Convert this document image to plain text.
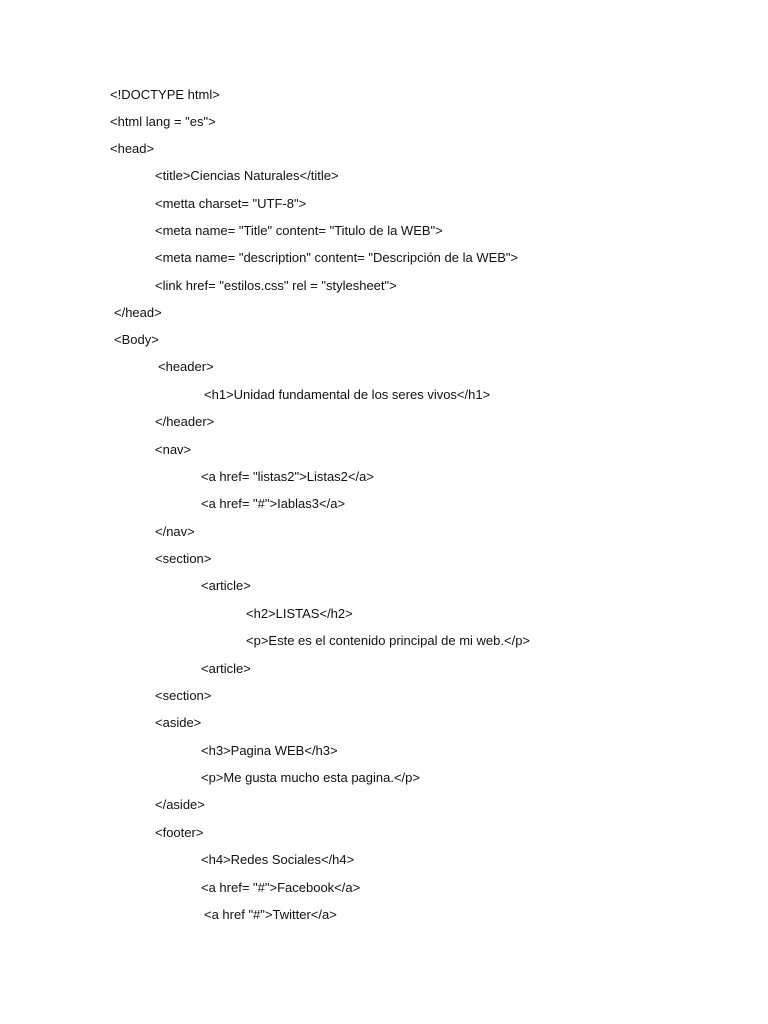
<!DOCTYPE html>
<html lang = "es">
<head>
<title>Ciencias Naturales</title>
<metta charset= "UTF-8">
<meta name= "Title" content= "Titulo de la WEB">
<meta name= "description" content= "Descripción de la WEB">
<link href= "estilos.css" rel = "stylesheet">
</head>
<Body>
<header>
<h1>Unidad fundamental de los seres vivos</h1>
</header>
<nav>
<a href= "listas2">Listas2</a>
<a href= "#">Iablas3</a>
</nav>
<section>
<article>
<h2>LISTAS</h2>
<p>Este es el contenido principal de mi web.</p>
<article>
<section>
<aside>
<h3>Pagina WEB</h3>
<p>Me gusta mucho esta pagina.</p>
</aside>
<footer>
<h4>Redes Sociales</h4>
<a href= "#">Facebook</a>
<a href "#">Twitter</a>
